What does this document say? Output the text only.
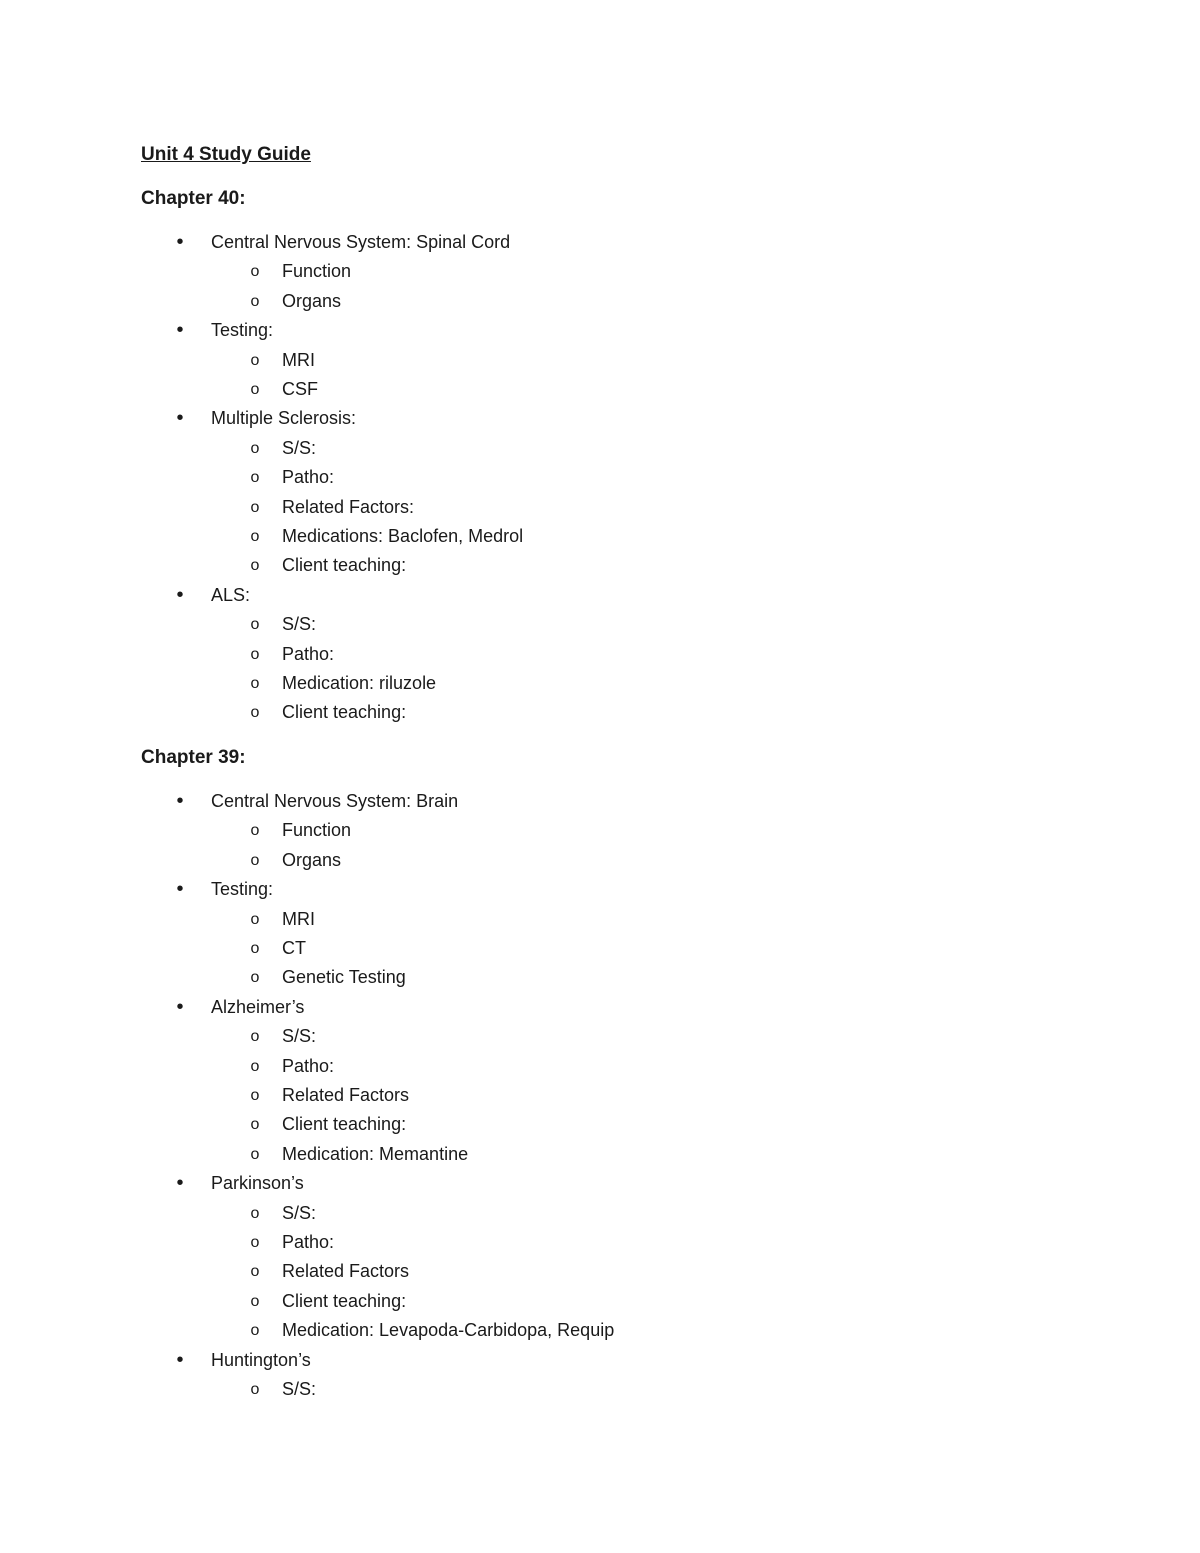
Unit 4 Study Guide
Chapter 40:
• Central Nervous System: Spinal Cord
o Function
o Organs
• Testing:
o MRI
o CSF
• Multiple Sclerosis:
o S/S:
o Patho:
o Related Factors:
o Medications: Baclofen, Medrol
o Client teaching:
• ALS:
o S/S:
o Patho:
o Medication: riluzole
o Client teaching:
Chapter 39:
• Central Nervous System: Brain
o Function
o Organs
• Testing:
o MRI
o CT
o Genetic Testing
• Alzheimer’s
o S/S:
o Patho:
o Related Factors
o Client teaching:
o Medication: Memantine
• Parkinson’s
o S/S:
o Patho:
o Related Factors
o Client teaching:
o Medication: Levapoda-Carbidopa, Requip
• Huntington’s
o S/S:
